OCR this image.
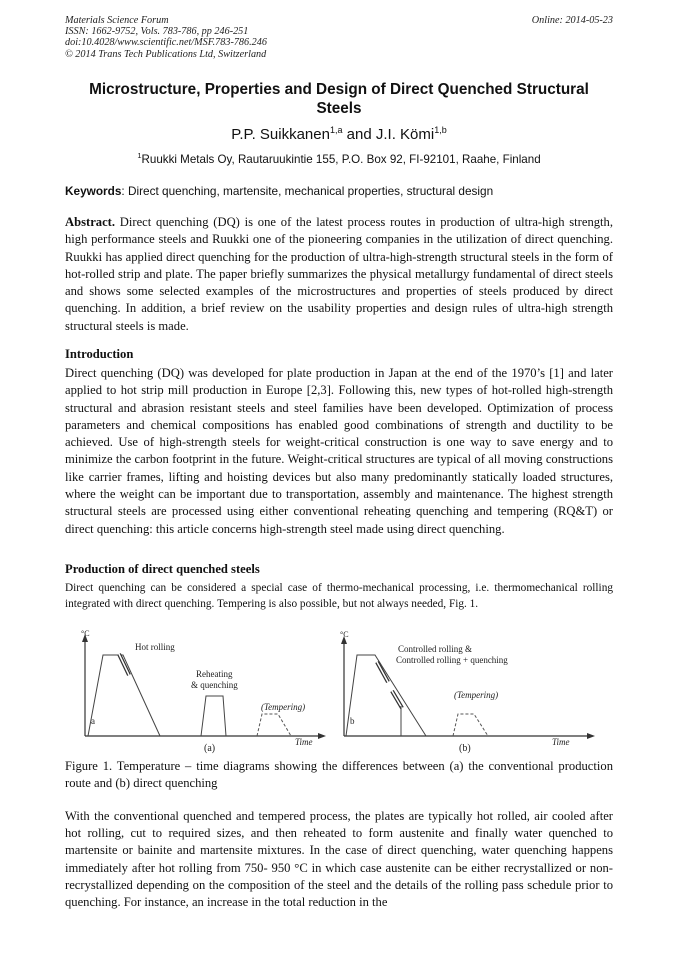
Materials Science Forum
ISSN: 1662-9752, Vols. 783-786, pp 246-251
doi:10.4028/www.scientific.net/MSF.783-786.246
© 2014 Trans Tech Publications Ltd, Switzerland
Online: 2014-05-23
Microstructure, Properties and Design of Direct Quenched Structural Steels
P.P. Suikkanen$^{1,a}$ and J.I. Kömi$^{1,b}$
$^1$Ruukki Metals Oy, Rautaruukintie 155, P.O. Box 92, FI-92101, Raahe, Finland
Keywords: Direct quenching, martensite, mechanical properties, structural design
Abstract. Direct quenching (DQ) is one of the latest process routes in production of ultra-high strength, high performance steels and Ruukki one of the pioneering companies in the utilization of direct quenching. Ruukki has applied direct quenching for the production of ultra-high-strength structural steels in the form of hot-rolled strip and plate. The paper briefly summarizes the physical metallurgy fundamental of direct steels and shows some selected examples of the microstructures and properties of steels produced by direct quenching. In addition, a brief review on the usability properties and design rules of ultra-high strength structural steels is made.
Introduction
Direct quenching (DQ) was developed for plate production in Japan at the end of the 1970’s [1] and later applied to hot strip mill production in Europe [2,3]. Following this, new types of hot-rolled high-strength structural and abrasion resistant steels and steel families have been developed. Optimization of process parameters and chemical compositions has enabled good combinations of strength and ductility to be achieved. Use of high-strength steels for weight-critical construction is one way to save energy and to minimize the carbon footprint in the future. Weight-critical structures are typical of all moving constructions like carrier frames, lifting and hoisting devices but also many predominantly statically loaded structures, where the weight can be important due to transportation, assembly and maintenance. The highest strength structural steels are processed using either conventional reheating quenching and tempering (RQ&T) or direct quenching: this article concerns high-strength steel made using direct quenching.
Production of direct quenched steels
Direct quenching can be considered a special case of thermo-mechanical processing, i.e. thermomechanical rolling integrated with direct quenching. Tempering is also possible, but not always needed, Fig. 1.
°C
Hot rolling
Reheating
& quenching
(Tempering)
Time
a
(a)
°C
Controlled rolling &
Controlled rolling + quenching
(Tempering)
Time
b
(b)
Figure 1. Temperature – time diagrams showing the differences between (a) the conventional production route and (b) direct quenching
With the conventional quenched and tempered process, the plates are typically hot rolled, air cooled after hot rolling, cut to required sizes, and then reheated to form austenite and finally water quenched to martensite or bainite and martensite mixtures. In the case of direct quenching, water quenching happens immediately after hot rolling from 750- 950 °C in which case austenite can be either recrystallized or non-recrystallized depending on the composition of the steel and the details of the rolling pass schedule prior to quenching. For instance, an increase in the total reduction in the
